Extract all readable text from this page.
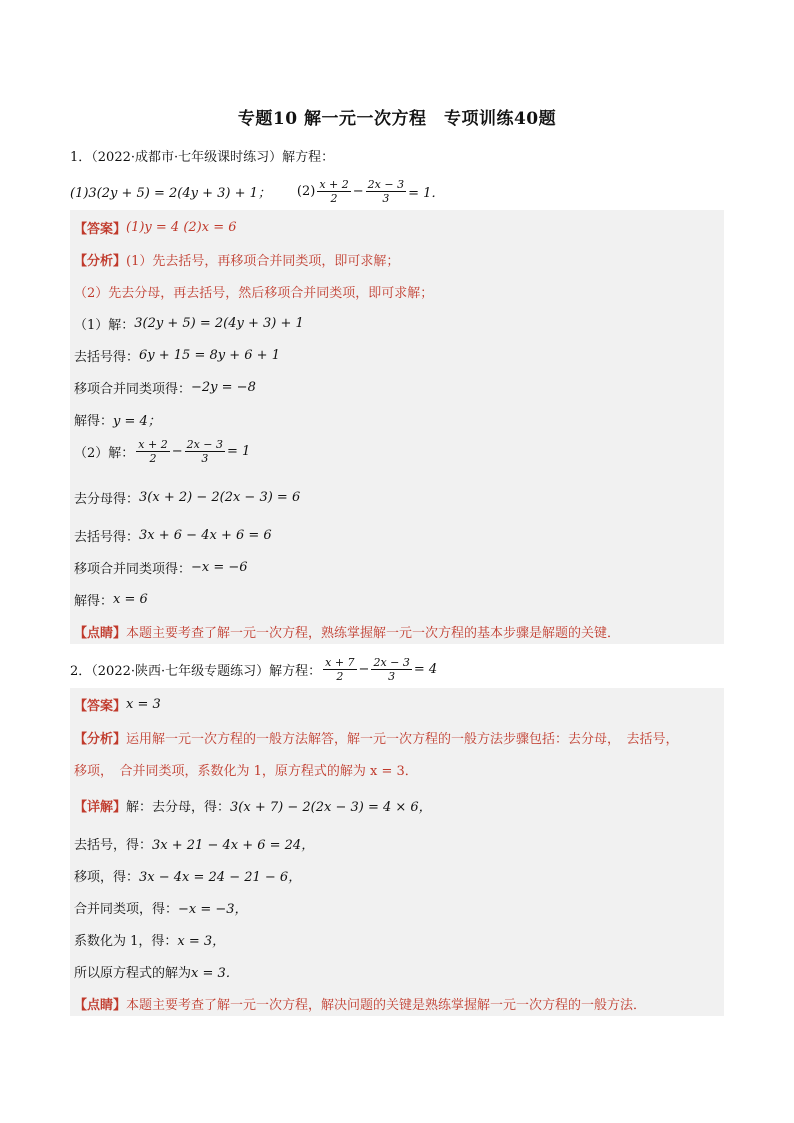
专题10 解一元一次方程　专项训练40题
1．（2022·成都市·七年级课时练习）解方程：
(1)3(2y + 5) = 2(4y + 3) + 1； $(2) \frac{x + 2}{2} - \frac{2x - 3}{3} = 1$．
【答案】 (1)y = 4 (2)x = 6
【分析】 (1）先去括号，再移项合并同类项，即可求解；
（2）先去分母，再去括号，然后移项合并同类项，即可求解；
（1）解： 3(2y + 5) = 2(4y + 3) + 1
去括号得： 6y + 15 = 8y + 6 + 1
移项合并同类项得： −2y = −8
解得： y = 4；
（2）解： $\frac{x + 2}{2} - \frac{2x - 3}{3} = 1$
去分母得： 3(x + 2) − 2(2x − 3) = 6
去括号得： 3x + 6 − 4x + 6 = 6
移项合并同类项得： −x = −6
解得： x = 6
【点睛】 本题主要考查了解一元一次方程，熟练掌握解一元一次方程的基本步骤是解题的关键．
2．（2022·陕西·七年级专题练习）解方程： $\frac{x + 7}{2} - \frac{2x - 3}{3} = 4$
【答案】 x = 3
【分析】 运用解一元一次方程的一般方法解答，解一元一次方程的一般方法步骤包括：去分母，　去括号，
移项，　合并同类项，系数化为 1，原方程式的解为 x = 3．
【详解】 解：去分母，得： 3(x + 7) − 2(2x − 3) = 4 × 6，
去括号，得： 3x + 21 − 4x + 6 = 24，
移项，得： 3x − 4x = 24 − 21 − 6，
合并同类项，得： −x = −3，
系数化为 1，得： x = 3，
所以原方程式的解为 x = 3．
【点睛】 本题主要考查了解一元一次方程，解决问题的关键是熟练掌握解一元一次方程的一般方法．
